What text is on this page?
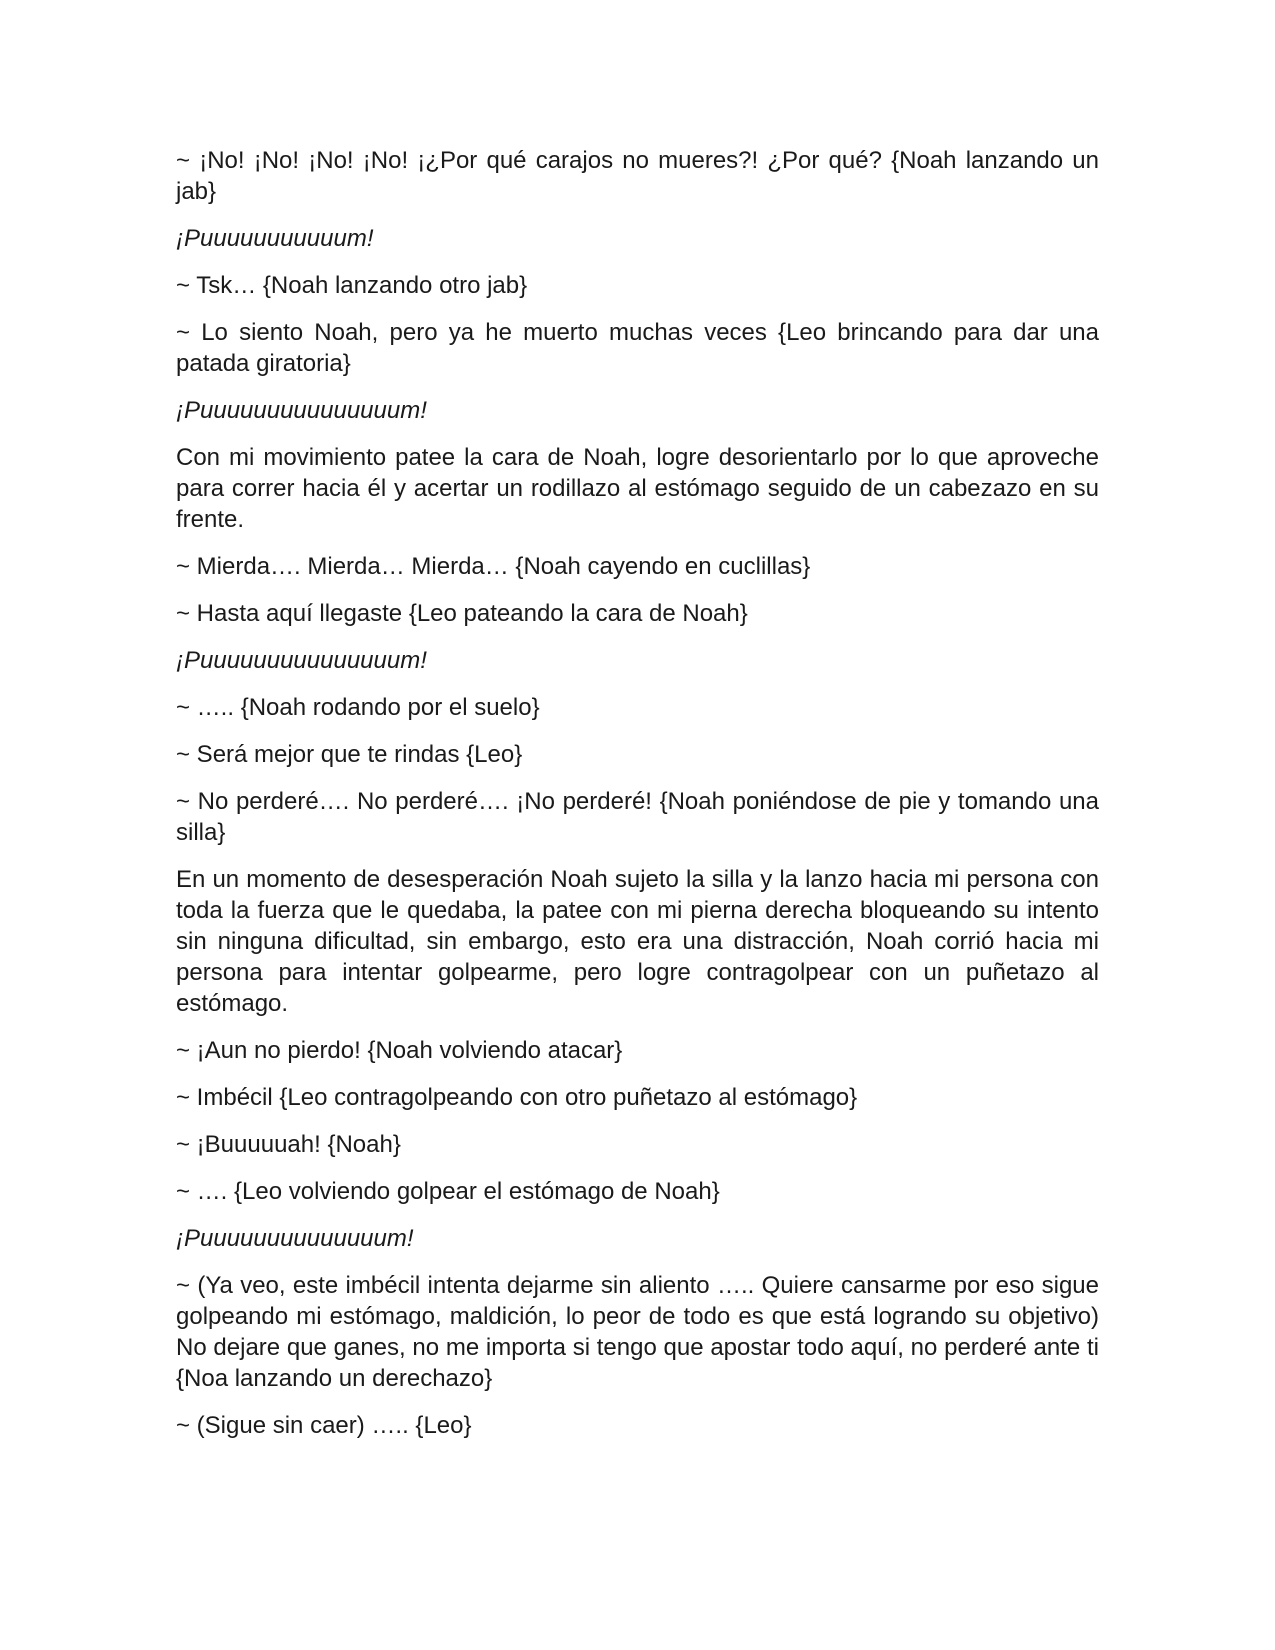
~ ¡No! ¡No! ¡No! ¡No! ¡¿Por qué carajos no mueres?! ¿Por qué? {Noah lanzando un jab}

¡Puuuuuuuuuuum!

~ Tsk… {Noah lanzando otro jab}

~ Lo siento Noah, pero ya he muerto muchas veces {Leo brincando para dar una patada giratoria}

¡Puuuuuuuuuuuuuuum!

Con mi movimiento patee la cara de Noah, logre desorientarlo por lo que aproveche para correr hacia él y acertar un rodillazo al estómago seguido de un cabezazo en su frente.

~ Mierda…. Mierda… Mierda… {Noah cayendo en cuclillas}

~ Hasta aquí llegaste {Leo pateando la cara de Noah}

¡Puuuuuuuuuuuuuuum!

~ ….. {Noah rodando por el suelo}

~ Será mejor que te rindas {Leo}

~ No perderé…. No perderé…. ¡No perderé! {Noah poniéndose de pie y tomando una silla}

En un momento de desesperación Noah sujeto la silla y la lanzo hacia mi persona con toda la fuerza que le quedaba, la patee con mi pierna derecha bloqueando su intento sin ninguna dificultad, sin embargo, esto era una distracción, Noah corrió hacia mi persona para intentar golpearme, pero logre contragolpear con un puñetazo al estómago.

~ ¡Aun no pierdo! {Noah volviendo atacar}

~ Imbécil {Leo contragolpeando con otro puñetazo al estómago}

~ ¡Buuuuuah! {Noah}

~ …. {Leo volviendo golpear el estómago de Noah}

¡Puuuuuuuuuuuuuum!

~ (Ya veo, este imbécil intenta dejarme sin aliento ….. Quiere cansarme por eso sigue golpeando mi estómago, maldición, lo peor de todo es que está logrando su objetivo) No dejare que ganes, no me importa si tengo que apostar todo aquí, no perderé ante ti {Noa lanzando un derechazo}

~ (Sigue sin caer) ….. {Leo}
